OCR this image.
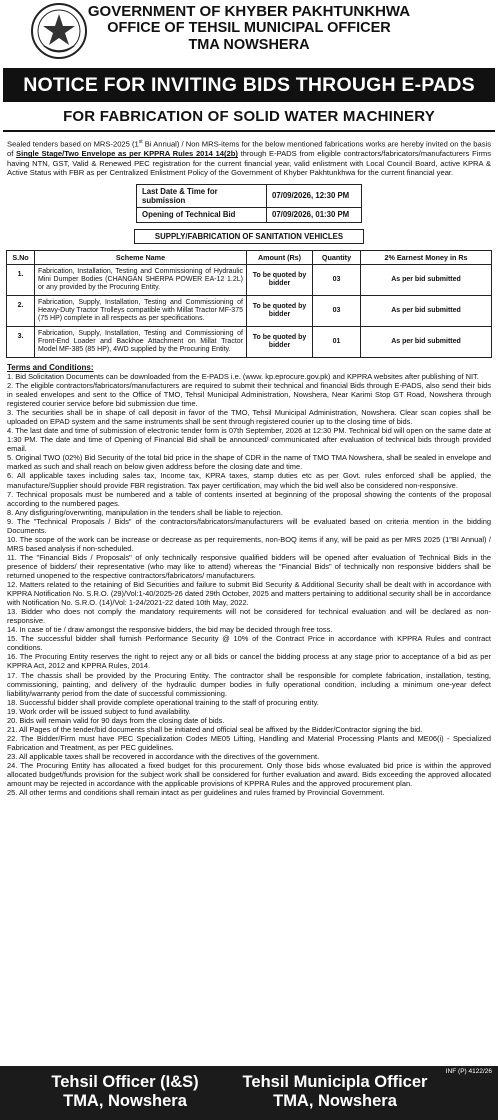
GOVERNMENT OF KHYBER PAKHTUNKHWA
OFFICE OF TEHSIL MUNICIPAL OFFICER
TMA NOWSHERA
NOTICE FOR INVITING BIDS THROUGH E-PADS
FOR FABRICATION OF SOLID WATER MACHINERY

Sealed tenders based on MRS-2025 (1st Bi Annual) / Non MRS-items for the below mentioned fabrications works are hereby invited on the basis of Single Stage/Two Envelope as per KPPRA Rules 2014 14(2b) through E-PADS from eligible contractors/fabricators/manufacturers Firms having NTN, GST, Valid & Renewed PEC registration for the current financial year, valid enlistment with Local Council Board, active KPRA & Active Status with FBR as per Centralized Enlistment Policy of the Government of Khyber Pakhtunkhwa for the current financial year.

Last Date & Time for submission	07/09/2026, 12:30 PM
Opening of Technical Bid	07/09/2026, 01:30 PM
SUPPLY/FABRICATION OF SANITATION VEHICLES
S.No	Scheme Name	Amount (Rs)	Quantity	2% Earnest Money in Rs
1.	Fabrication, Installation, Testing and Commissioning of Hydraulic Mini Dumper Bodies (CHANGAN SHERPA POWER EA-12 1.2L) or any provided by the Procuring Entity.	To be quoted by bidder	03	As per bid submitted
2.	Fabrication, Supply, Installation, Testing and Commissioning of Heavy-Duty Tractor Trolleys compatible with Millat Tractor MF-375 (75 HP) complete in all respects as per specifications.	To be quoted by bidder	03	As per bid submitted
3.	Fabrication, Supply, Installation, Testing and Commissioning of Front-End Loader and Backhoe Attachment on Millat Tractor Model MF-385 (85 HP), 4WD supplied by the Procuring Entity.	To be quoted by bidder	01	As per bid submitted

Terms and Conditions:

1. Bid Solicitation Documents can be downloaded from the E-PADS i.e. (www. kp.eprocure.gov.pk) and KPPRA websites after publishing of NIT.

2. The eligible contractors/fabricators/manufacturers are required to submit their technical and financial Bids through E-PADS, also send their bids in sealed envelopes and sent to the Office of TMO, Tehsil Municipal Administration, Nowshera, Near Karimi Stop GT Road, Nowshera through registered courier service before bid submission due time.

3. The securities shall be in shape of call deposit in favor of the TMO, Tehsil Municipal Administration, Nowshera. Clear scan copies shall be uploaded on EPAD system and the same instruments shall be sent through registered courier up to the closing time of bids.

4. The last date and time of submission of electronic tender form is 07th September, 2026 at 12:30 PM. Technical bid will open on the same date at 1:30 PM. The date and time of Opening of Financial Bid shall be announced/ communicated after evaluation of technical bids through provided email.

5. Original TWO (02%) Bid Security of the total bid price in the shape of CDR in the name of TMO TMA Nowshera, shall be sealed in envelope and marked as such and shall reach on below given address before the closing date and time.

6. All applicable taxes including sales tax, Income tax, KPRA taxes, stamp duties etc as per Govt. rules enforced shall be applied, the manufacture/Supplier should provide FBR registration. Tax payer certification, may which the bid well also be considered non-responsive.

7. Technical proposals must be numbered and a table of contents inserted at beginning of the proposal showing the contents of the proposal according to the numbered pages.

8. Any disfiguring/overwriting, manipulation in the tenders shall be liable to rejection.

9. The "Technical Proposals / Bids" of the contractors/fabricators/manufacturers will be evaluated based on criteria mention in the bidding Documents.

10. The scope of the work can be increase or decrease as per requirements, non-BOQ items if any, will be paid as per MRS 2025 (1"BI Annual) / MRS based analysis if non-scheduled.

11. The "Financial Bids / Proposals" of only technically responsive qualified bidders will be opened after evaluation of Technical Bids in the presence of bidders/ their representative (who may like to attend) whereas the "Financial Bids" of technically non responsive bidders shall be returned unopened to the respective contractors/fabricators/ manufacturers.

12. Matters related to the retaining of Bid Securities and failure to submit Bid Security & Additional Security shall be dealt with in accordance with KPPRA Notification No. S.R.O. (29)/Vol:1-40/2025-26 dated 29th October, 2025 and matters pertaining to additional security shall be in accordance with Notification No. S.R.O. (14)/Vol: 1-24/2021-22 dated 10th May, 2022.

13. Bidder who does not comply the mandatory requirements will not be considered for technical evaluation and will be declared as non-responsive.

14. In case of tie / draw amongst the responsive bidders, the bid may be decided through free toss.

15. The successful bidder shall furnish Performance Security @ 10% of the Contract Price in accordance with KPPRA Rules and contract conditions.

16. The Procuring Entity reserves the right to reject any or all bids or cancel the bidding process at any stage prior to acceptance of a bid as per KPPRA Act, 2012 and KPPRA Rules, 2014.

17. The chassis shall be provided by the Procuring Entity. The contractor shall be responsible for complete fabrication, installation, testing, commissioning, painting, and delivery of the hydraulic dumper bodies in fully operational condition, including a minimum one-year defect liability/warranty period from the date of successful commissioning.

18. Successful bidder shall provide complete operational training to the staff of procuring entity.

19. Work order will be issued subject to fund availability.

20. Bids will remain valid for 90 days from the closing date of bids.

21. All Pages of the tender/bid documents shall be initiated and official seal be affixed by the Bidder/Contractor signing the bid.

22. The Bidder/Firm must have PEC Specialization Codes ME05 Lifting, Handling and Material Processing Plants and ME06(i) - Specialized Fabrication and Treatment, as per PEC guidelines.

23. All applicable taxes shall be recovered in accordance with the directives of the government.

24. The Procuring Entity has allocated a fixed budget for this procurement. Only those bids whose evaluated bid price is within the approved allocated budget/funds provision for the subject work shall be considered for further evaluation and award. Bids exceeding the approved allocated amount may be rejected in accordance with the applicable provisions of KPPRA Rules and the approved procurement plan.

25. All other terms and conditions shall remain intact as per guidelines and rules framed by Provincial Government.

INF (P) 4122/26
Tehsil Officer (I&S)
TMA, Nowshera
Tehsil Municipla Officer
TMA, Nowshera
